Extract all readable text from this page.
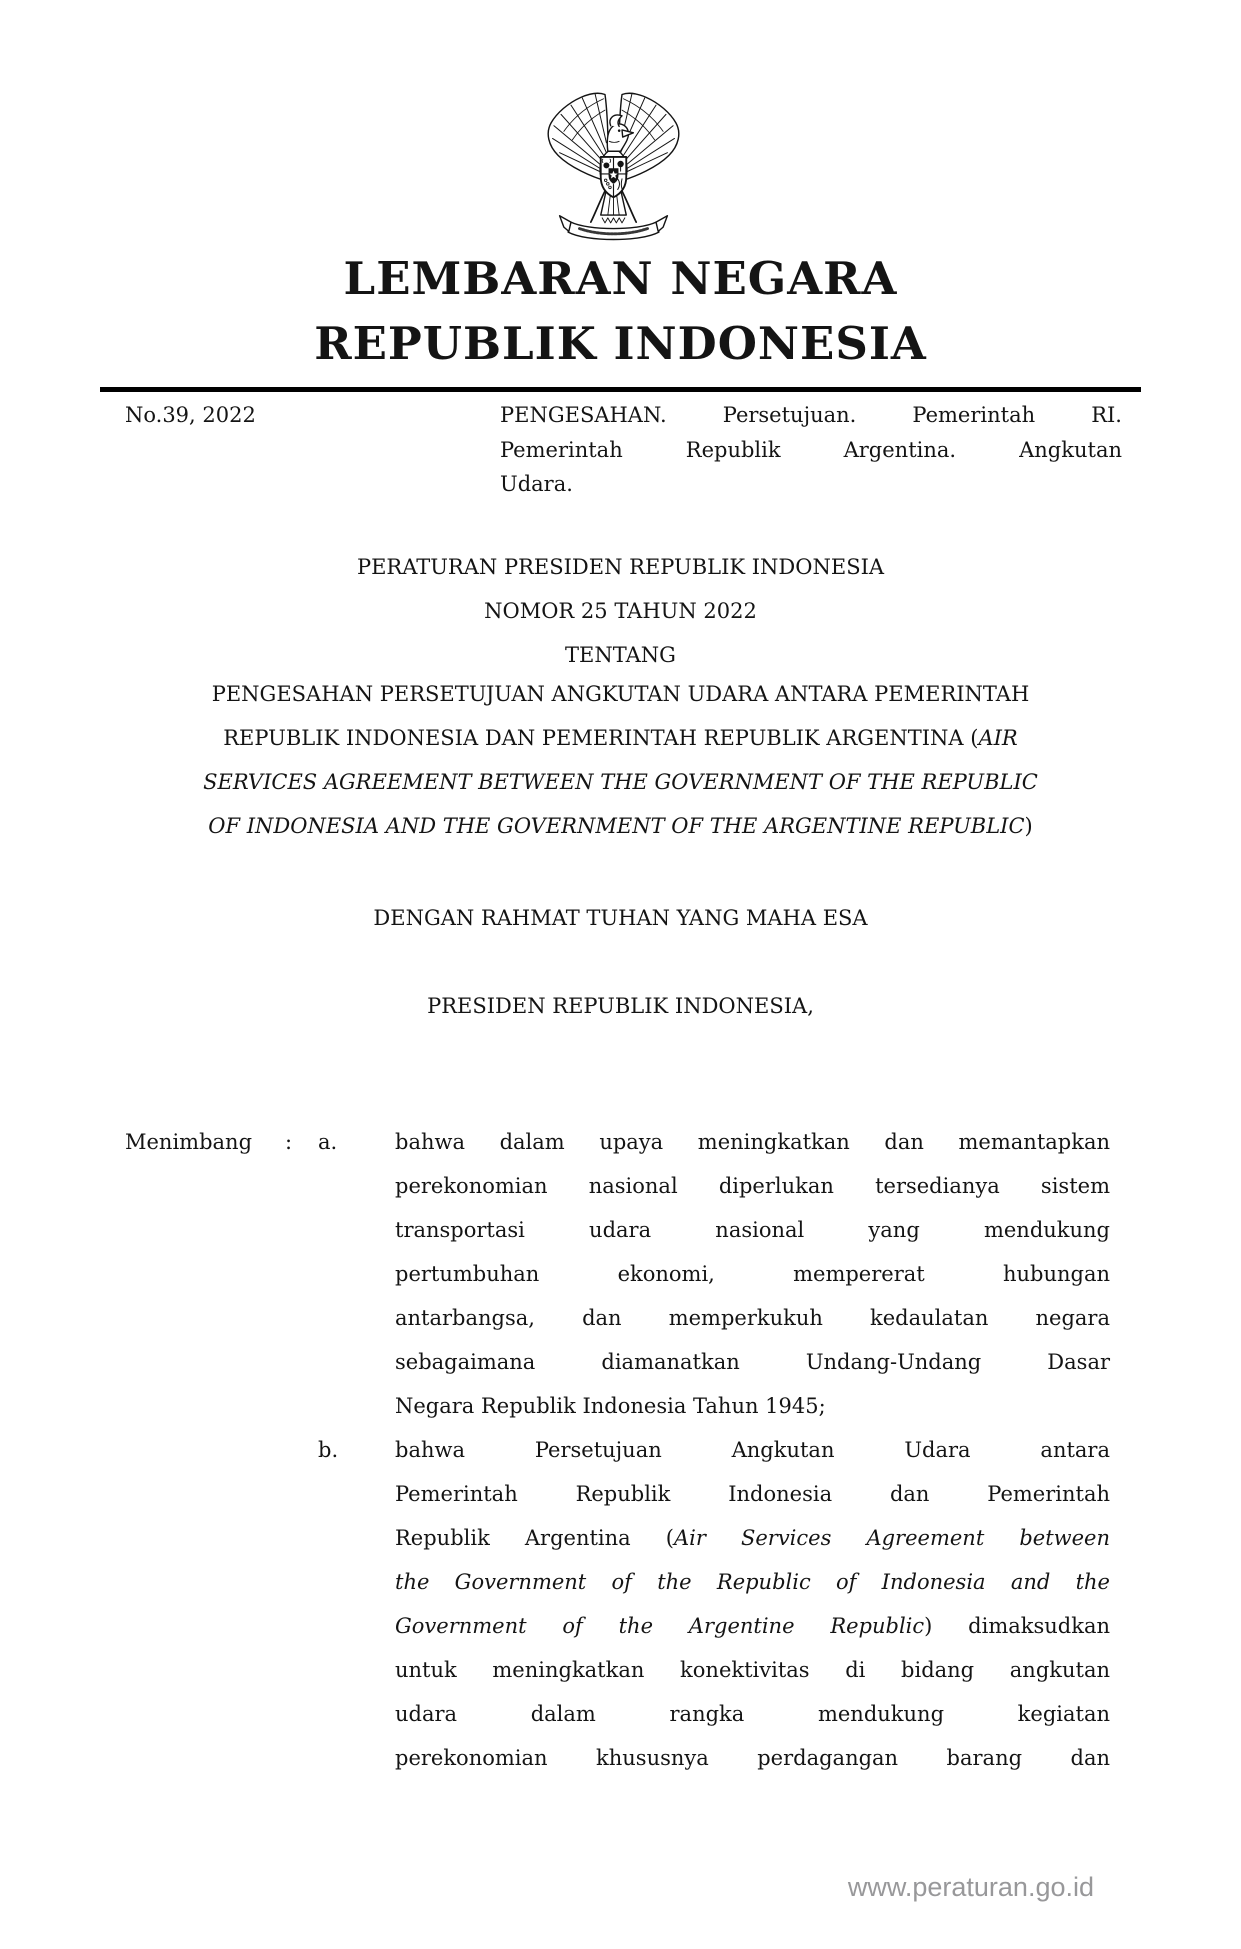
LEMBARAN NEGARA
REPUBLIK INDONESIA
No.39, 2022	PENGESAHAN. Persetujuan. Pemerintah RI.
Pemerintah Republik Argentina. Angkutan
Udara.
PERATURAN PRESIDEN REPUBLIK INDONESIA
NOMOR 25 TAHUN 2022
TENTANG
PENGESAHAN PERSETUJUAN ANGKUTAN UDARA ANTARA PEMERINTAH
REPUBLIK INDONESIA DAN PEMERINTAH REPUBLIK ARGENTINA (AIR
SERVICES AGREEMENT BETWEEN THE GOVERNMENT OF THE REPUBLIC
OF INDONESIA AND THE GOVERNMENT OF THE ARGENTINE REPUBLIC)
DENGAN RAHMAT TUHAN YANG MAHA ESA
PRESIDEN REPUBLIK INDONESIA,
Menimbang	:	a.	bahwa dalam upaya meningkatkan dan memantapkan
perekonomian nasional diperlukan tersedianya sistem
transportasi udara nasional yang mendukung
pertumbuhan ekonomi, mempererat hubungan
antarbangsa, dan memperkukuh kedaulatan negara
sebagaimana diamanatkan Undang-Undang Dasar
Negara Republik Indonesia Tahun 1945;
b.	bahwa Persetujuan Angkutan Udara antara
Pemerintah Republik Indonesia dan Pemerintah
Republik Argentina (Air Services Agreement between
the Government of the Republic of Indonesia and the
Government of the Argentine Republic) dimaksudkan
untuk meningkatkan konektivitas di bidang angkutan
udara dalam rangka mendukung kegiatan
perekonomian khususnya perdagangan barang dan
www.peraturan.go.id
